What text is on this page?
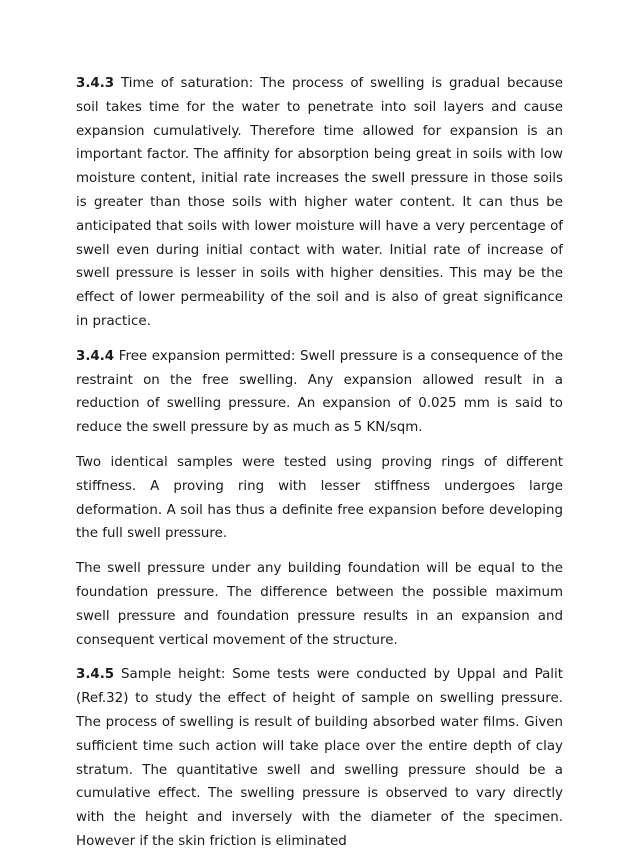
3.4.3 Time of saturation: The process of swelling is gradual because soil takes time for the water to penetrate into soil layers and cause expansion cumulatively. Therefore time allowed for expansion is an important factor. The affinity for absorption being great in soils with low moisture content, initial rate increases the swell pressure in those soils is greater than those soils with higher water content. It can thus be anticipated that soils with lower moisture will have a very percentage of swell even during initial contact with water. Initial rate of increase of swell pressure is lesser in soils with higher densities. This may be the effect of lower permeability of the soil and is also of great significance in practice.

3.4.4 Free expansion permitted: Swell pressure is a consequence of the restraint on the free swelling. Any expansion allowed result in a reduction of swelling pressure. An expansion of 0.025 mm is said to reduce the swell pressure by as much as 5 KN/sqm.

Two identical samples were tested using proving rings of different stiffness. A proving ring with lesser stiffness undergoes large deformation. A soil has thus a definite free expansion before developing the full swell pressure.

The swell pressure under any building foundation will be equal to the foundation pressure. The difference between the possible maximum swell pressure and foundation pressure results in an expansion and consequent vertical movement of the structure.

3.4.5 Sample height: Some tests were conducted by Uppal and Palit (Ref.32) to study the effect of height of sample on swelling pressure. The process of swelling is result of building absorbed water films. Given sufficient time such action will take place over the entire depth of clay stratum. The quantitative swell and swelling pressure should be a cumulative effect. The swelling pressure is observed to vary directly with the height and inversely with the diameter of the specimen. However if the skin friction is eliminated
